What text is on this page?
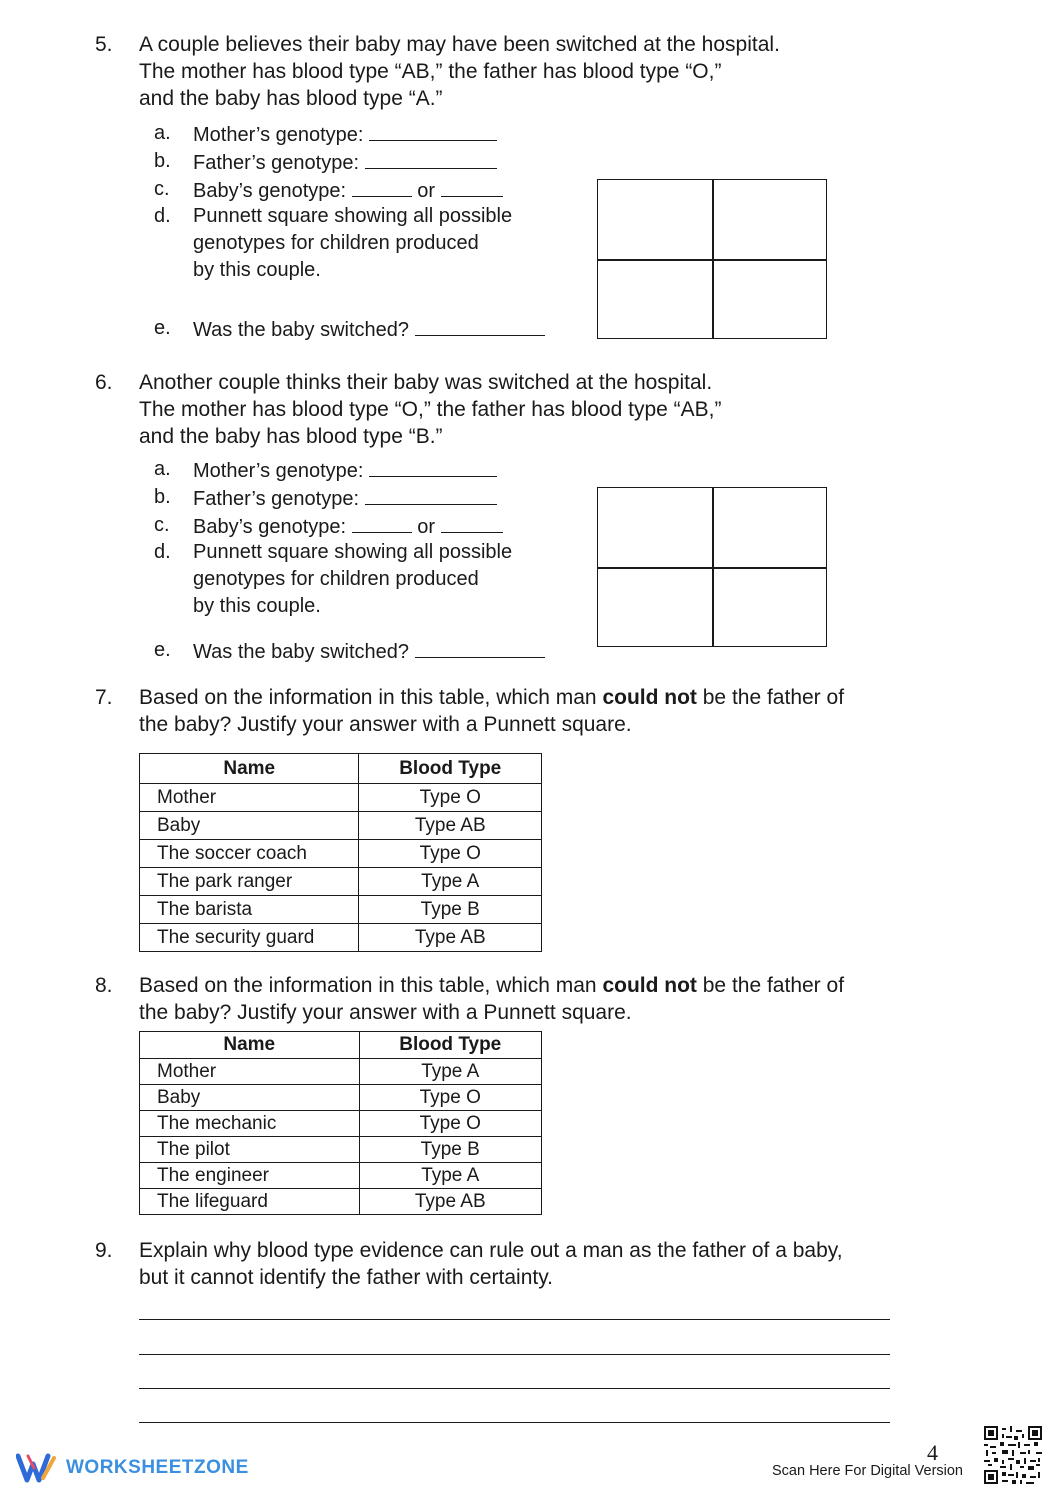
5. A couple believes their baby may have been switched at the hospital.
The mother has blood type “AB,” the father has blood type “O,”
and the baby has blood type “A.”
a. Mother’s genotype:
b. Father’s genotype:
c. Baby’s genotype:	or
d. Punnett square showing all possible
genotypes for children produced
by this couple.
e. Was the baby switched?
6. Another couple thinks their baby was switched at the hospital.
The mother has blood type “O,” the father has blood type “AB,”
and the baby has blood type “B.”
a. Mother’s genotype:
b. Father’s genotype:
c. Baby’s genotype:	or
d. Punnett square showing all possible
genotypes for children produced
by this couple.
e. Was the baby switched?
7. Based on the information in this table, which man could not be the father of
the baby? Justify your answer with a Punnett square.
Name	Blood Type
Mother	Type O
Baby	Type AB
The soccer coach	Type O
The park ranger	Type A
The barista	Type B
The security guard	Type AB
8. Based on the information in this table, which man could not be the father of
the baby? Justify your answer with a Punnett square.
Name	Blood Type
Mother	Type A
Baby	Type O
The mechanic	Type O
The pilot	Type B
The engineer	Type A
The lifeguard	Type AB
9. Explain why blood type evidence can rule out a man as the father of a baby,
but it cannot identify the father with certainty.
WORKSHEETZONE
4
Scan Here For Digital Version
